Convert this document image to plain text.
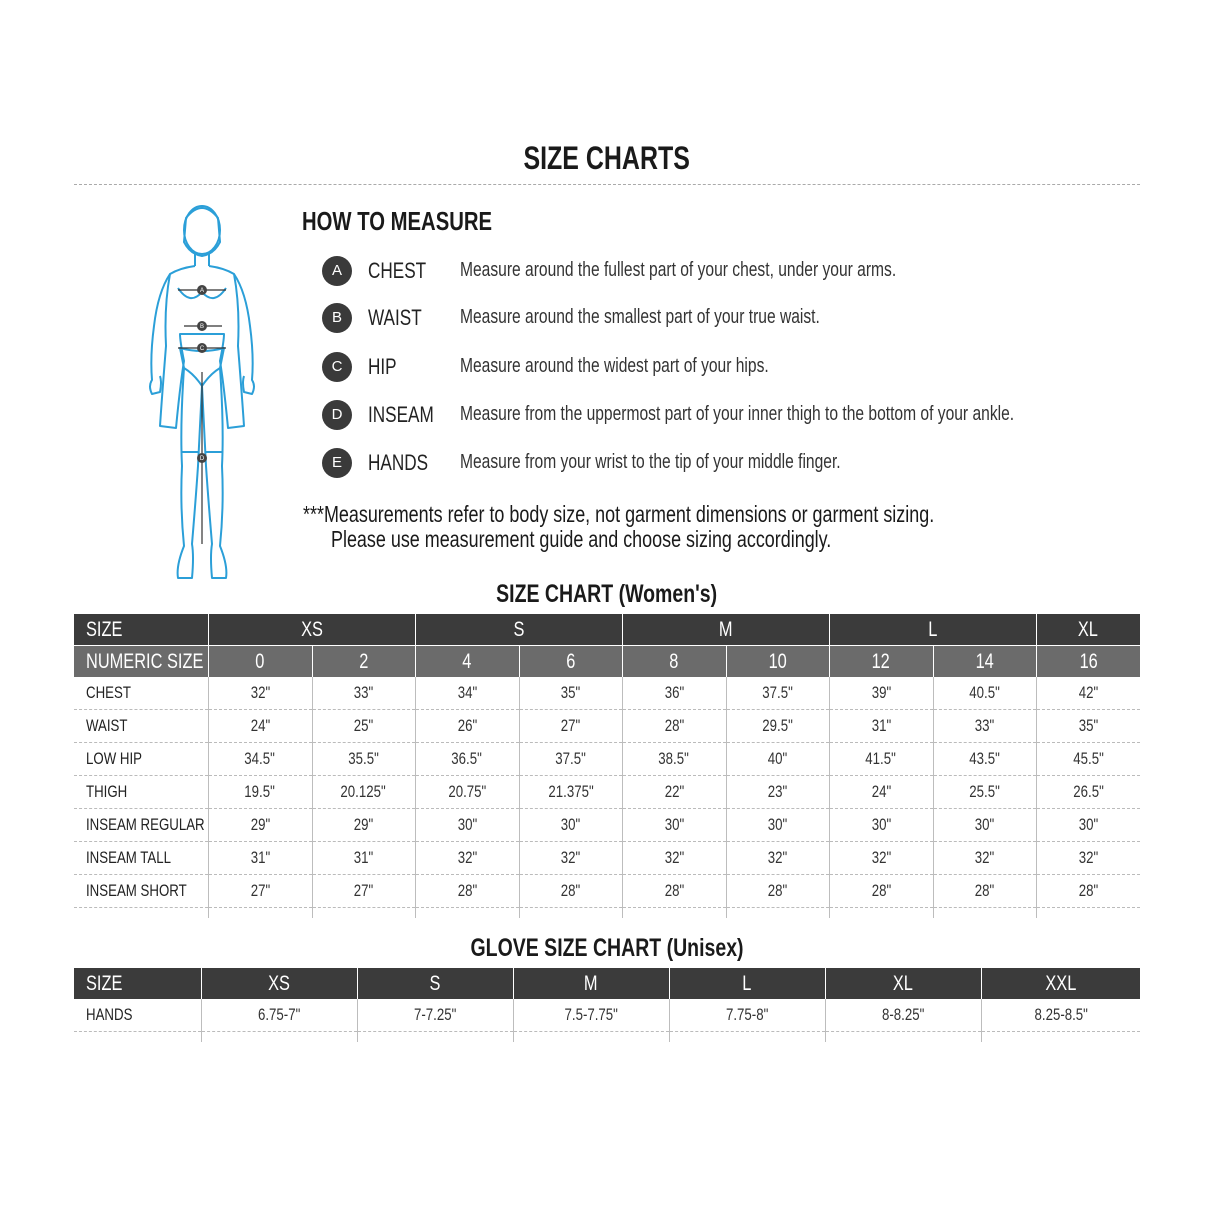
SIZE CHARTS
A
B
C
D
HOW TO MEASURE
A	CHEST	Measure around the fullest part of your chest, under your arms.
B	WAIST	Measure around the smallest part of your true waist.
C	HIP	Measure around the widest part of your hips.
D	INSEAM	Measure from the uppermost part of your inner thigh to the bottom of your ankle.
E	HANDS	Measure from your wrist to the tip of your middle finger.
***Measurements refer to body size, not garment dimensions or garment sizing.
Please use measurement guide and choose sizing accordingly.
SIZE CHART (Women's)
SIZE	XS		S		M		L		XL
NUMERIC SIZE	0	2	4	6	8	10	12	14	16
CHEST	32"	33"	34"	35"	36"	37.5"	39"	40.5"	42"
WAIST	24"	25"	26"	27"	28"	29.5"	31"	33"	35"
LOW HIP	34.5"	35.5"	36.5"	37.5"	38.5"	40"	41.5"	43.5"	45.5"
THIGH	19.5"	20.125"	20.75"	21.375"	22"	23"	24"	25.5"	26.5"
INSEAM REGULAR	29"	29"	30"	30"	30"	30"	30"	30"	30"
INSEAM TALL	31"	31"	32"	32"	32"	32"	32"	32"	32"
INSEAM SHORT	27"	27"	28"	28"	28"	28"	28"	28"	28"

GLOVE SIZE CHART (Unisex)
SIZE	XS	S	M	L	XL	XXL
HANDS	6.75-7"	7-7.25"	7.5-7.75"	7.75-8"	8-8.25"	8.25-8.5"
